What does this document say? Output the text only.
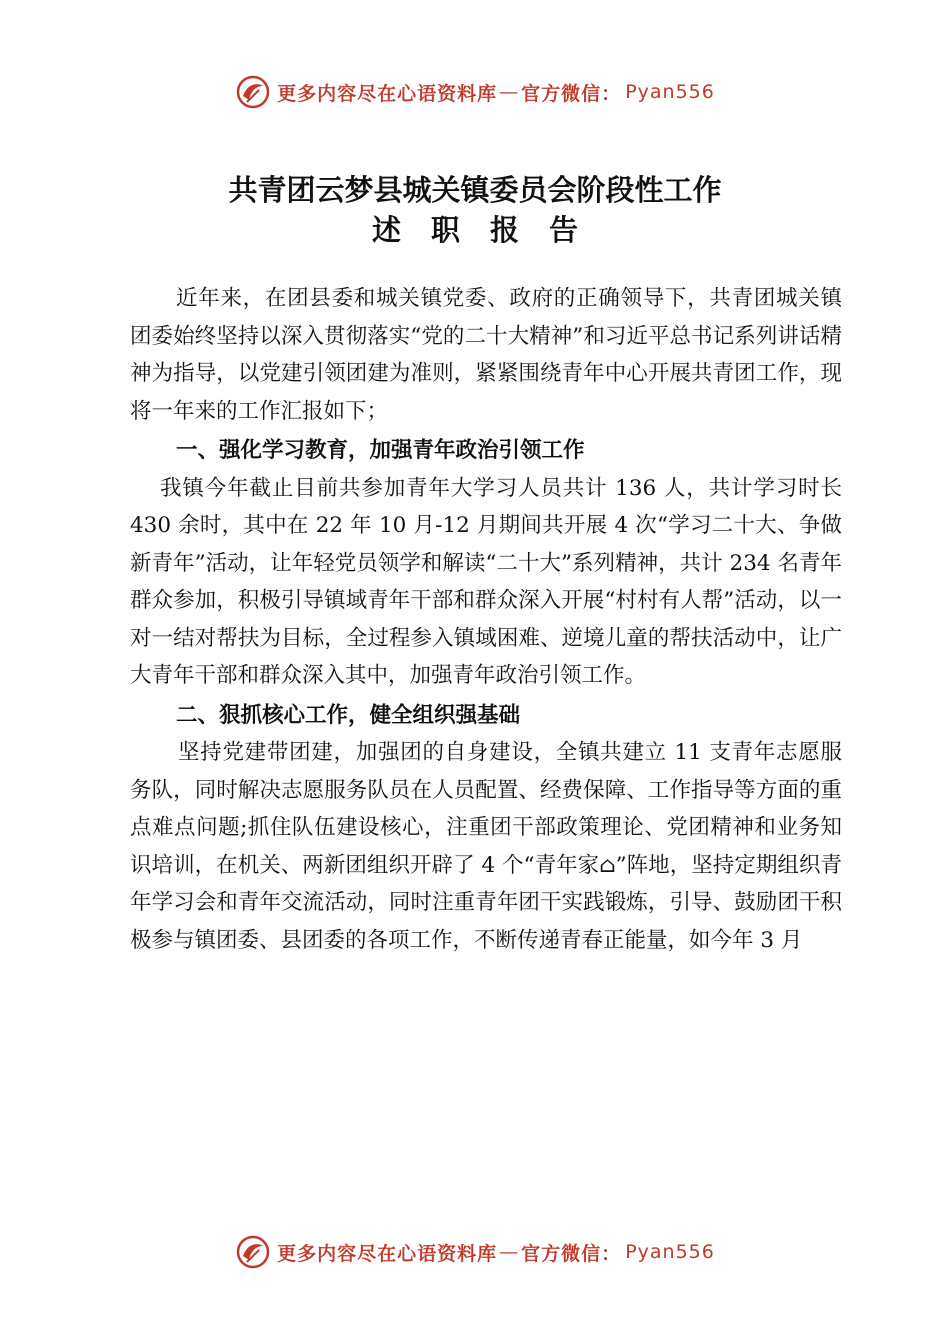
更多内容尽在心语资料库 — 官方微信： Pyan556
共青团云梦县城关镇委员会阶段性工作
述职报告

近年来，在团县委和城关镇党委、政府的正确领导下，共青团城关镇团委始终坚持以深入贯彻落实“党的二十大精神”和习近平总书记系列讲话精神为指导，以党建引领团建为准则，紧紧围绕青年中心开展共青团工作，现将一年来的工作汇报如下；

一、强化学习教育，加强青年政治引领工作

我镇今年截止目前共参加青年大学习人员共计 136 人，共计学习时长 430 余时，其中在 22 年 10 月-12 月期间共开展 4 次“学习二十大、争做新青年”活动，让年轻党员领学和解读“二十大”系列精神，共计 234 名青年群众参加，积极引导镇域青年干部和群众深入开展“村村有人帮”活动，以一对一结对帮扶为目标，全过程参入镇域困难、逆境儿童的帮扶活动中，让广大青年干部和群众深入其中，加强青年政治引领工作。

二、狠抓核心工作，健全组织强基础

坚持党建带团建，加强团的自身建设，全镇共建立 11 支青年志愿服务队，同时解决志愿服务队员在人员配置、经费保障、工作指导等方面的重点难点问题;抓住队伍建设核心，注重团干部政策理论、党团精神和业务知识培训，在机关、两新团组织开辟了 4 个“青年家⌂”阵地，坚持定期组织青年学习会和青年交流活动，同时注重青年团干实践锻炼，引导、鼓励团干积极参与镇团委、县团委的各项工作，不断传递青春正能量，如今年 3 月

更多内容尽在心语资料库 — 官方微信： Pyan556
